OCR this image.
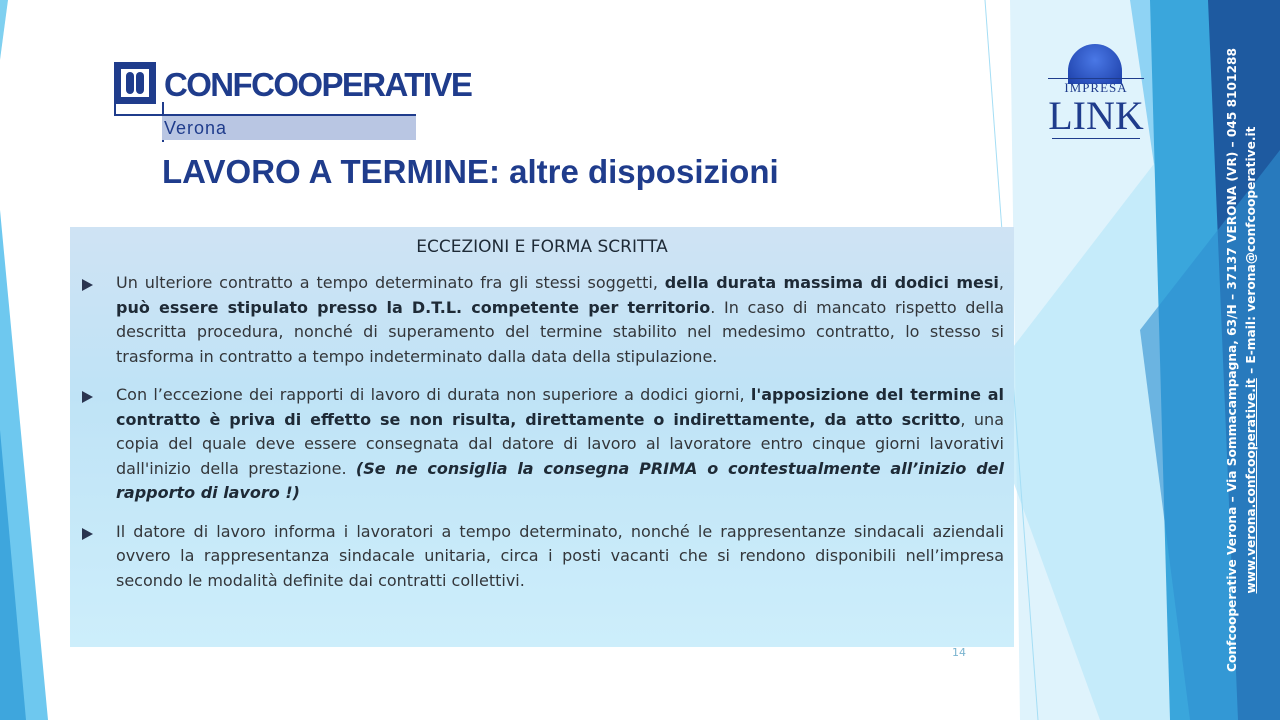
CONFCOOPERATIVE
Verona
IMPRESA
LINK
LAVORO A TERMINE: altre disposizioni
ECCEZIONI E FORMA SCRITTA
Un ulteriore contratto a tempo determinato fra gli stessi soggetti, della durata massima di dodici mesi, può essere stipulato presso la D.T.L. competente per territorio. In caso di mancato rispetto della descritta procedura, nonché di superamento del termine stabilito nel medesimo contratto, lo stesso si trasforma in contratto a tempo indeterminato dalla data della stipulazione.
Con l’eccezione dei rapporti di lavoro di durata non superiore a dodici giorni, l'apposizione del termine al contratto è priva di effetto se non risulta, direttamente o indirettamente, da atto scritto, una copia del quale deve essere consegnata dal datore di lavoro al lavoratore entro cinque giorni lavorativi dall'inizio della prestazione. (Se ne consiglia la consegna PRIMA o contestualmente all’inizio del rapporto di lavoro !)
Il datore di lavoro informa i lavoratori a tempo determinato, nonché le rappresentanze sindacali aziendali ovvero la rappresentanza sindacale unitaria, circa i posti vacanti che si rendono disponibili nell’impresa secondo le modalità definite dai contratti collettivi.
14	Confcooperative Verona – Via Sommacampagna, 63/H – 37137 VERONA (VR) – 045 8101288 www.verona.confcooperative.it – E-mail: verona@confcooperative.it
